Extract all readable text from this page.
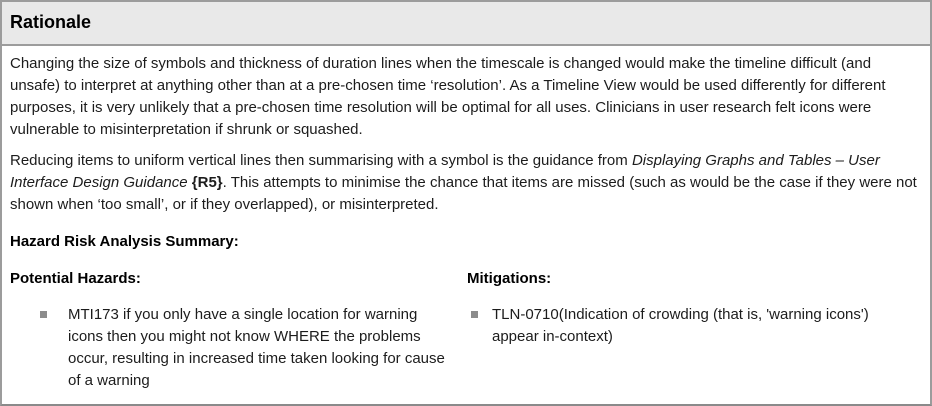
Rationale

Changing the size of symbols and thickness of duration lines when the timescale is changed would make the timeline difficult (and unsafe) to interpret at anything other than at a pre-chosen time ‘resolution’. As a Timeline View would be used differently for different purposes, it is very unlikely that a pre-chosen time resolution will be optimal for all uses. Clinicians in user research felt icons were vulnerable to misinterpretation if shrunk or squashed.

Reducing items to uniform vertical lines then summarising with a symbol is the guidance from Displaying Graphs and Tables – User Interface Design Guidance {R5}. This attempts to minimise the chance that items are missed (such as would be the case if they were not shown when ‘too small’, or if they overlapped), or misinterpreted.

Hazard Risk Analysis Summary:
Potential Hazards:
MTI173 if you only have a single location for warning icons then you might not know WHERE the problems occur, resulting in increased time taken looking for cause of a warning
Mitigations:
TLN-0710(Indication of crowding (that is, 'warning icons') appear in-context)
